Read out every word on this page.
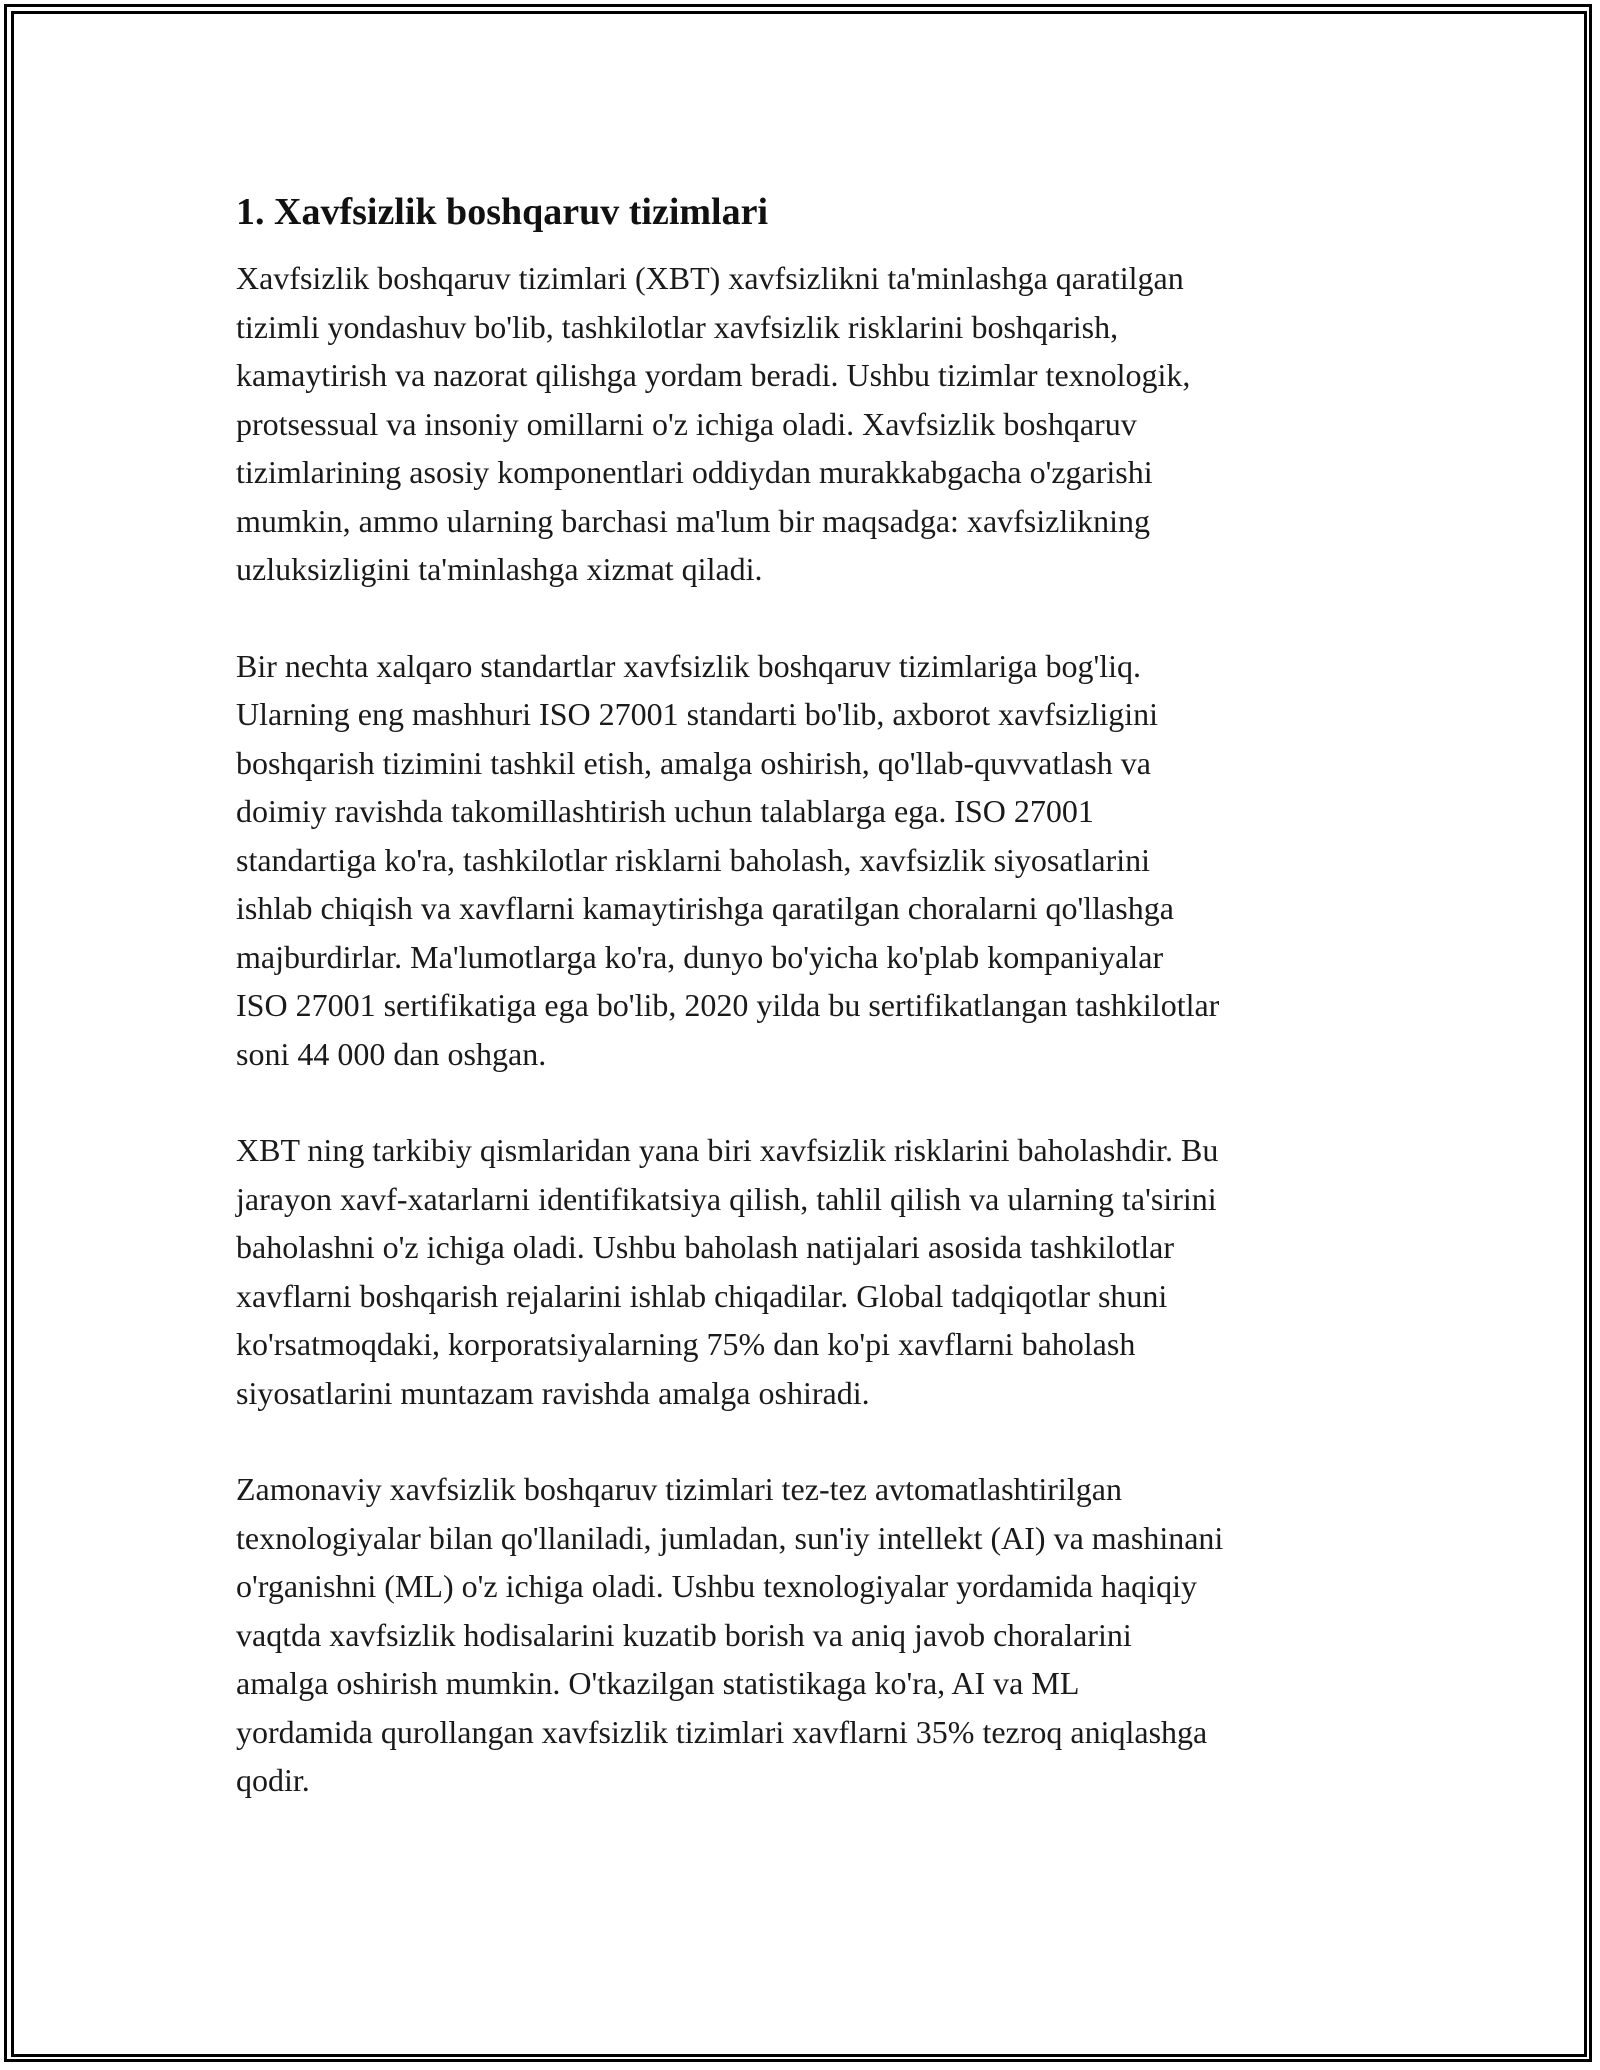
1. Xavfsizlik boshqaruv tizimlari

Xavfsizlik boshqaruv tizimlari (XBT) xavfsizlikni ta'minlashga qaratilgan
tizimli yondashuv bo'lib, tashkilotlar xavfsizlik risklarini boshqarish,
kamaytirish va nazorat qilishga yordam beradi. Ushbu tizimlar texnologik,
protsessual va insoniy omillarni o'z ichiga oladi. Xavfsizlik boshqaruv
tizimlarining asosiy komponentlari oddiydan murakkabgacha o'zgarishi
mumkin, ammo ularning barchasi ma'lum bir maqsadga: xavfsizlikning
uzluksizligini ta'minlashga xizmat qiladi.

Bir nechta xalqaro standartlar xavfsizlik boshqaruv tizimlariga bog'liq.
Ularning eng mashhuri ISO 27001 standarti bo'lib, axborot xavfsizligini
boshqarish tizimini tashkil etish, amalga oshirish, qo'llab-quvvatlash va
doimiy ravishda takomillashtirish uchun talablarga ega. ISO 27001
standartiga ko'ra, tashkilotlar risklarni baholash, xavfsizlik siyosatlarini
ishlab chiqish va xavflarni kamaytirishga qaratilgan choralarni qo'llashga
majburdirlar. Ma'lumotlarga ko'ra, dunyo bo'yicha ko'plab kompaniyalar
ISO 27001 sertifikatiga ega bo'lib, 2020 yilda bu sertifikatlangan tashkilotlar
soni 44 000 dan oshgan.

XBT ning tarkibiy qismlaridan yana biri xavfsizlik risklarini baholashdir. Bu
jarayon xavf-xatarlarni identifikatsiya qilish, tahlil qilish va ularning ta'sirini
baholashni o'z ichiga oladi. Ushbu baholash natijalari asosida tashkilotlar
xavflarni boshqarish rejalarini ishlab chiqadilar. Global tadqiqotlar shuni
ko'rsatmoqdaki, korporatsiyalarning 75% dan ko'pi xavflarni baholash
siyosatlarini muntazam ravishda amalga oshiradi.

Zamonaviy xavfsizlik boshqaruv tizimlari tez-tez avtomatlashtirilgan
texnologiyalar bilan qo'llaniladi, jumladan, sun'iy intellekt (AI) va mashinani
o'rganishni (ML) o'z ichiga oladi. Ushbu texnologiyalar yordamida haqiqiy
vaqtda xavfsizlik hodisalarini kuzatib borish va aniq javob choralarini
amalga oshirish mumkin. O'tkazilgan statistikaga ko'ra, AI va ML
yordamida qurollangan xavfsizlik tizimlari xavflarni 35% tezroq aniqlashga
qodir.
